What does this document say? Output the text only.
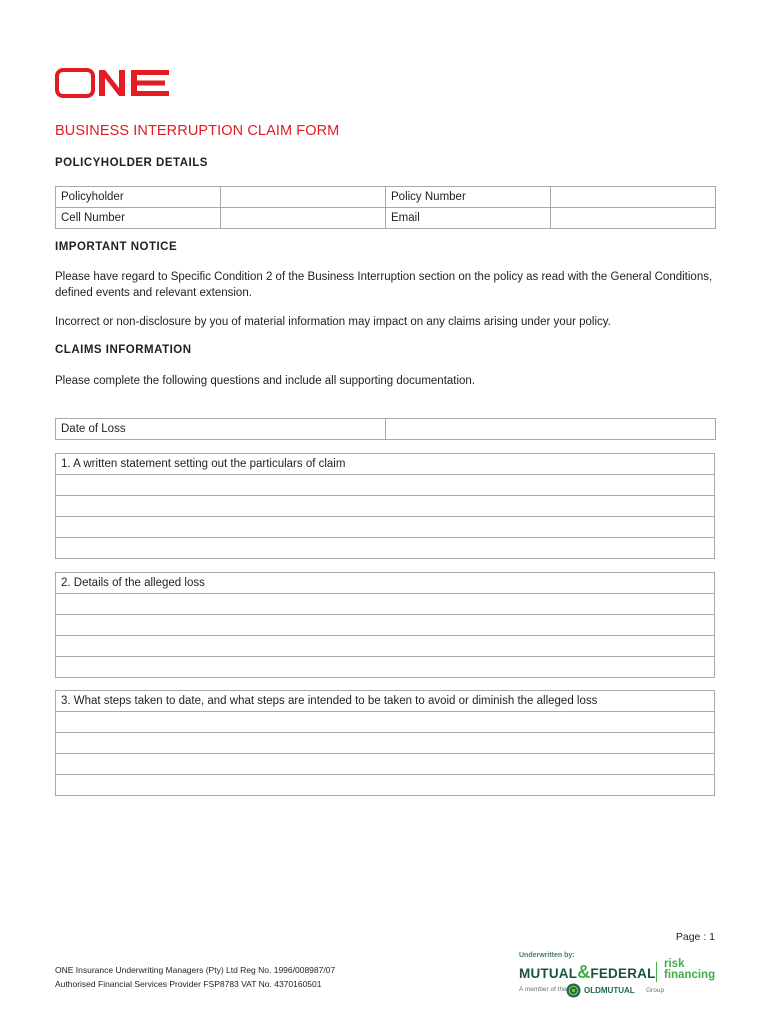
BUSINESS INTERRUPTION CLAIM FORM
POLICYHOLDER DETAILS
Policyholder		Policy Number	
Cell Number		Email	
IMPORTANT NOTICE
Please have regard to Specific Condition 2 of the Business Interruption section on the policy as read with the General Conditions, defined events and relevant extension.
Incorrect or non-disclosure by you of material information may impact on any claims arising under your policy.
CLAIMS INFORMATION
Please complete the following questions and include all supporting documentation.
Date of Loss	
1. A written statement setting out the particulars of claim

2. Details of the alleged loss

3. What steps taken to date, and what steps are intended to be taken to avoid or diminish the alleged loss

Page : 1
ONE Insurance Underwriting Managers (Pty) Ltd Reg No. 1996/008987/07
Authorised Financial Services Provider FSP8783 VAT No. 4370160501
Underwritten by:
MUTUAL&FEDERAL
risk
financing
A member of the OLDMUTUAL Group
